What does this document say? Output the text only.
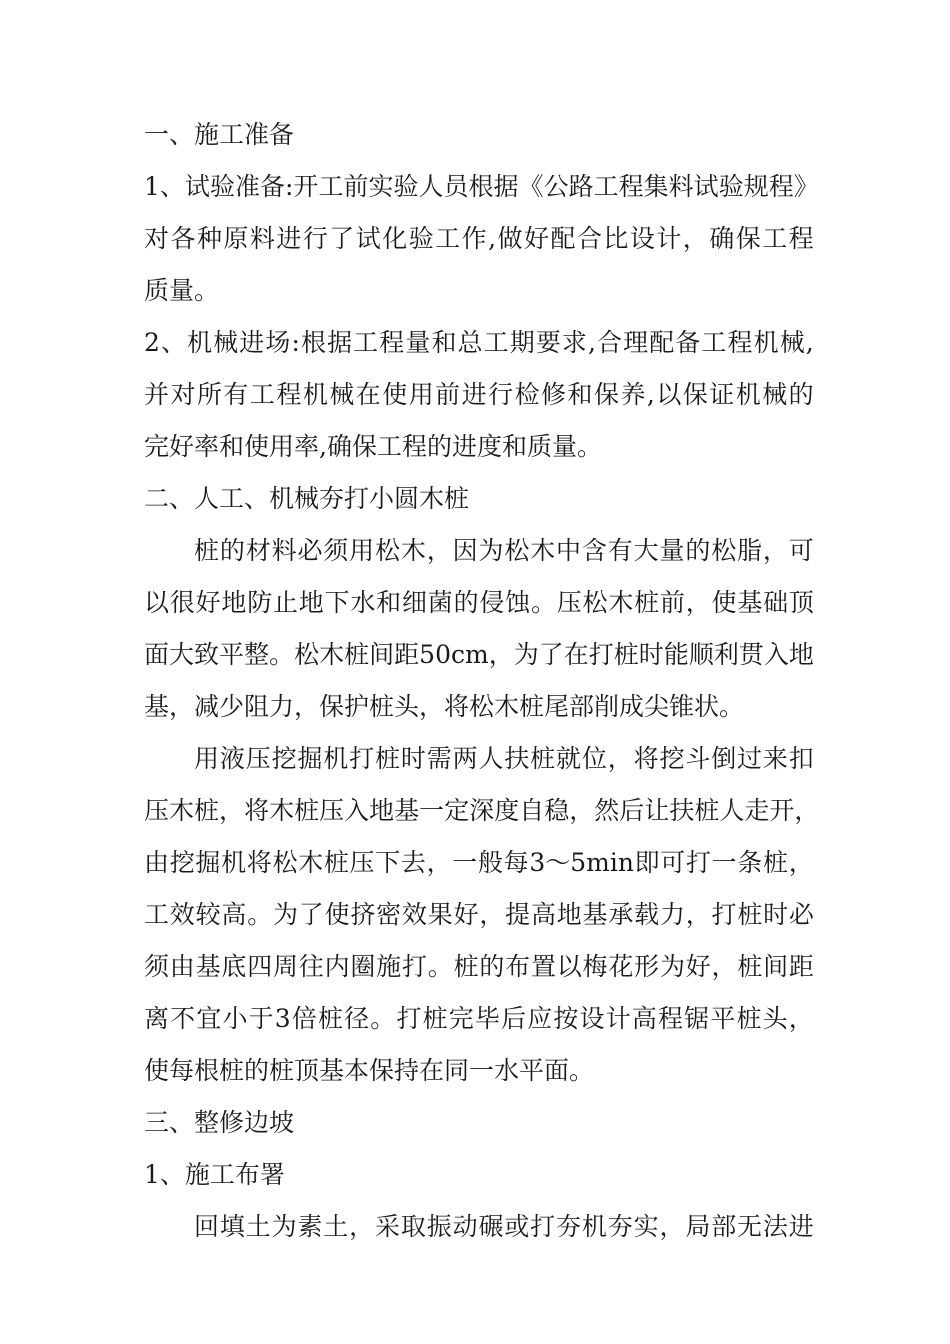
一、施工准备
1 、 试 验 准 备 : 开 工 前 实 验 人 员 根 据 《 公 路 工 程 集 料 试 验 规 程 》
对 各 种 原 料 进 行 了 试 化 验 工 作 , 做 好 配 合 比 设 计 ， 确 保 工 程
质量。
2 、 机 械 进 场 : 根 据 工 程 量 和 总 工 期 要 求 , 合 理 配 备 工 程 机 械 ,
并 对 所 有 工 程 机 械 在 使 用 前 进 行 检 修 和 保 养 , 以 保 证 机 械 的
完好率和使用率,确保工程的进度和质量。
二、人工、机械夯打小圆木桩
桩 的 材 料 必 须 用 松 木 ， 因 为 松 木 中 含 有 大 量 的 松 脂 ， 可
以 很 好 地 防 止 地 下 水 和 细 菌 的 侵 蚀 。 压 松 木 桩 前 ， 使 基 础 顶
面 大 致 平 整 。 松 木 桩 间 距 50cm ， 为 了 在 打 桩 时 能 顺 利 贯 入 地
基，减少阻力，保护桩头，将松木桩尾部削成尖锥状。
用 液 压 挖 掘 机 打 桩 时 需 两 人 扶 桩 就 位 ， 将 挖 斗 倒 过 来 扣
压 木 桩 ， 将 木 桩 压 入 地 基 一 定 深 度 自 稳 ， 然 后 让 扶 桩 人 走 开 ，
由 挖 掘 机 将 松 木 桩 压 下 去 ， 一 般 每 3～5min 即 可 打 一 条 桩 ，
工 效 较 高 。 为 了 使 挤 密 效 果 好 ， 提 高 地 基 承 载 力 ， 打 桩 时 必
须 由 基 底 四 周 往 内 圈 施 打 。 桩 的 布 置 以 梅 花 形 为 好 ， 桩 间 距
离 不 宜 小 于 3 倍 桩 径 。 打 桩 完 毕 后 应 按 设 计 高 程 锯 平 桩 头 ，
使每根桩的桩顶基本保持在同一水平面。
三、整修边坡
1、施工布署
回 填 土 为 素 土 ， 采 取 振 动 碾 或 打 夯 机 夯 实 ， 局 部 无 法 进
